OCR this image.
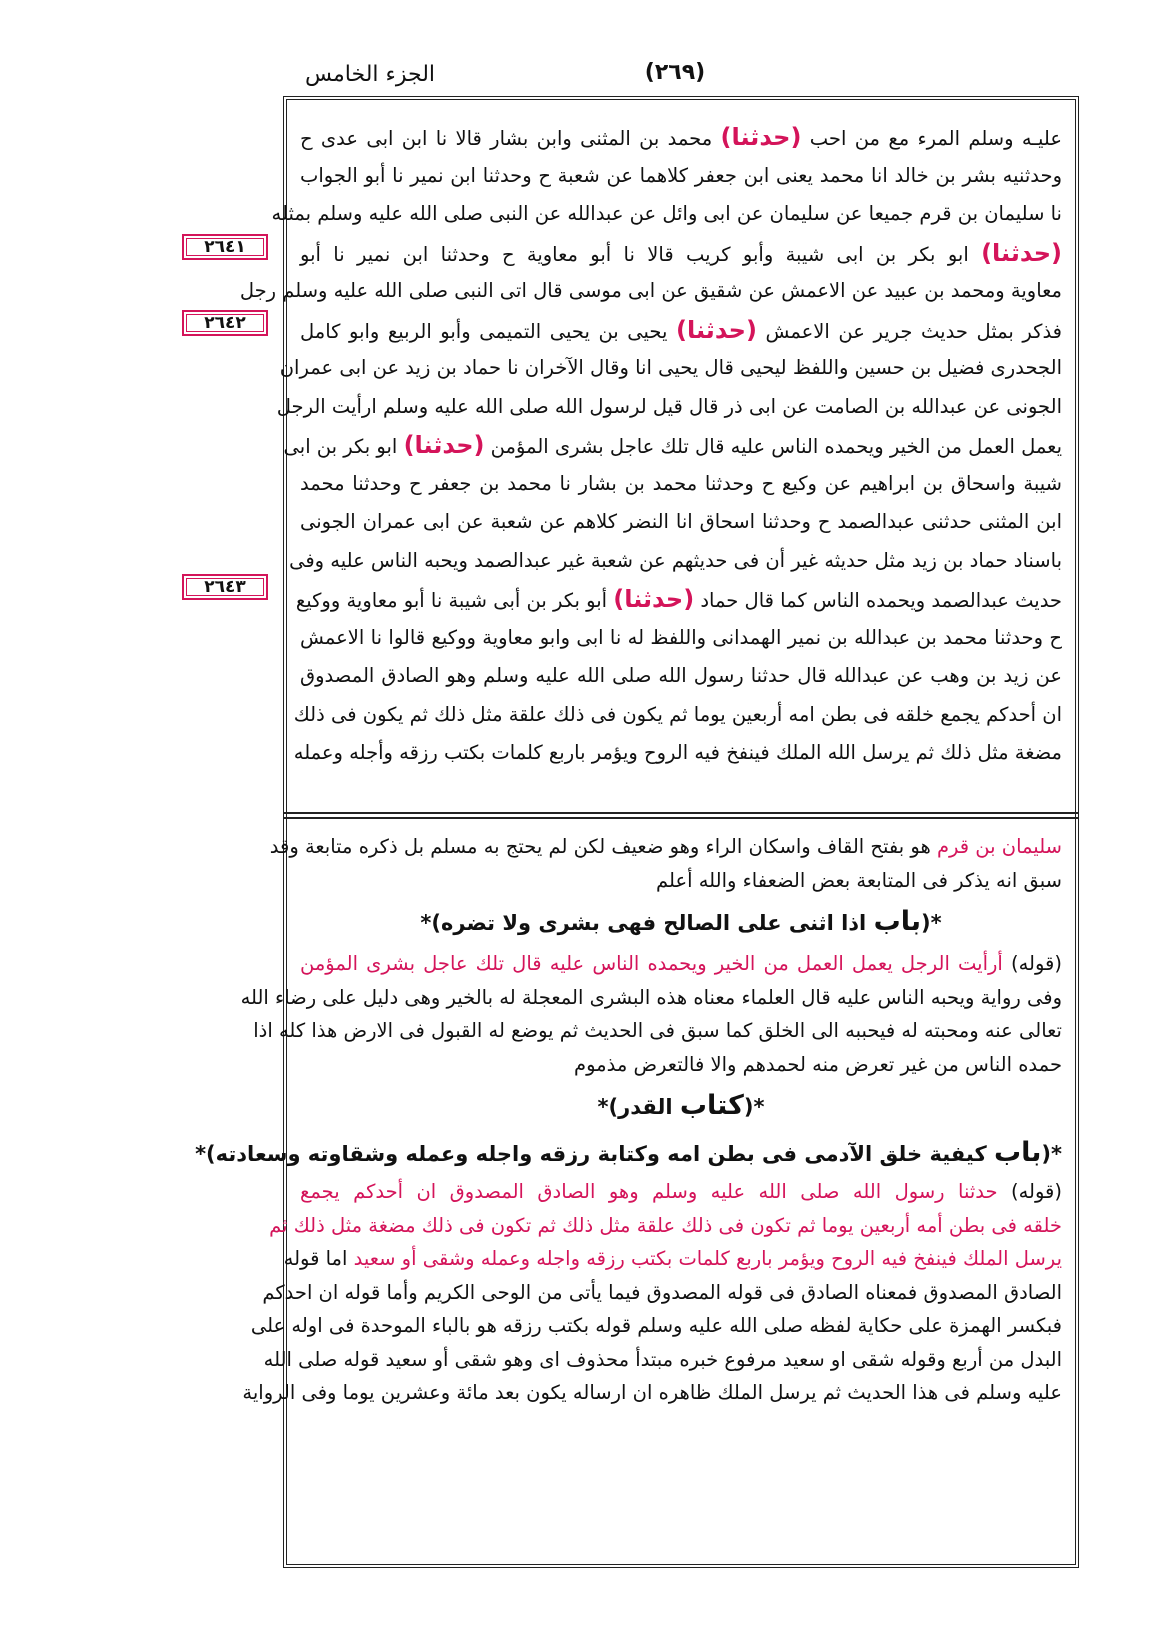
الجزء الخامس	(٢٦٩)
٢٦٤١
٢٦٤٢
٢٦٤٣
عليـه وسلم المرء مع من احب (حدثنا) محمد بن المثنى وابن بشار قالا نا ابن ابى عدى ح
وحدثنيه بشر بن خالد انا محمد يعنى ابن جعفر كلاهما عن شعبة ح وحدثنا ابن نمير نا أبو الجواب
نا سليمان بن قرم جميعا عن سليمان عن ابى وائل عن عبدالله عن النبى صلى الله عليه وسلم بمثله
(حدثنا) ابو بكر بن ابى شيبة وأبو كريب قالا نا أبو معاوية ح وحدثنا ابن نمير نا أبو
معاوية ومحمد بن عبيد عن الاعمش عن شقيق عن ابى موسى قال اتى النبى صلى الله عليه وسلم رجل
فذكر بمثل حديث جرير عن الاعمش (حدثنا) يحيى بن يحيى التميمى وأبو الربيع وابو كامل
الجحدرى فضيل بن حسين واللفظ ليحيى قال يحيى انا وقال الآخران نا حماد بن زيد عن ابى عمران
الجونى عن عبدالله بن الصامت عن ابى ذر قال قيل لرسول الله صلى الله عليه وسلم ارأيت الرجل
يعمل العمل من الخير ويحمده الناس عليه قال تلك عاجل بشرى المؤمن (حدثنا) ابو بكر بن ابى
شيبة واسحاق بن ابراهيم عن وكيع ح وحدثنا محمد بن بشار نا محمد بن جعفر ح وحدثنا محمد
ابن المثنى حدثنى عبدالصمد ح وحدثنا اسحاق انا النضر كلاهم عن شعبة عن ابى عمران الجونى
باسناد حماد بن زيد مثل حديثه غير أن فى حديثهم عن شعبة غير عبدالصمد ويحبه الناس عليه وفى
حديث عبدالصمد ويحمده الناس كما قال حماد (حدثنا) أبو بكر بن أبى شيبة نا أبو معاوية ووكيع
ح وحدثنا محمد بن عبدالله بن نمير الهمدانى واللفظ له نا ابى وابو معاوية ووكيع قالوا نا الاعمش
عن زيد بن وهب عن عبدالله قال حدثنا رسول الله صلى الله عليه وسلم وهو الصادق المصدوق
ان أحدكم يجمع خلقه فى بطن امه أربعين يوما ثم يكون فى ذلك علقة مثل ذلك ثم يكون فى ذلك
مضغة مثل ذلك ثم يرسل الله الملك فينفخ فيه الروح ويؤمر باربع كلمات بكتب رزقه وأجله وعمله
سليمان بن قرم هو بفتح القاف واسكان الراء وهو ضعيف لكن لم يحتج به مسلم بل ذكره متابعة وقد
سبق انه يذكر فى المتابعة بعض الضعفاء والله أعلم
*(باب اذا اثنى على الصالح فهى بشرى ولا تضره)*
(قوله) أرأيت الرجل يعمل العمل من الخير ويحمده الناس عليه قال تلك عاجل بشرى المؤمن
وفى رواية ويحبه الناس عليه قال العلماء معناه هذه البشرى المعجلة له بالخير وهى دليل على رضاء الله
تعالى عنه ومحبته له فيحببه الى الخلق كما سبق فى الحديث ثم يوضع له القبول فى الارض هذا كله اذا
حمده الناس من غير تعرض منه لحمدهم والا فالتعرض مذموم
*(كتاب القدر)*
*(باب كيفية خلق الآدمى فى بطن امه وكتابة رزقه واجله وعمله وشقاوته وسعادته)*
(قوله) حدثنا رسول الله صلى الله عليه وسلم وهو الصادق المصدوق ان أحدكم يجمع
خلقه فى بطن أمه أربعين يوما ثم تكون فى ذلك علقة مثل ذلك ثم تكون فى ذلك مضغة مثل ذلك ثم
يرسل الملك فينفخ فيه الروح ويؤمر باربع كلمات بكتب رزقه واجله وعمله وشقى أو سعيد اما قوله
الصادق المصدوق فمعناه الصادق فى قوله المصدوق فيما يأتى من الوحى الكريم وأما قوله ان احدكم
فبكسر الهمزة على حكاية لفظه صلى الله عليه وسلم قوله بكتب رزقه هو بالباء الموحدة فى اوله على
البدل من أربع وقوله شقى او سعيد مرفوع خبره مبتدأ محذوف اى وهو شقى أو سعيد قوله صلى الله
عليه وسلم فى هذا الحديث ثم يرسل الملك ظاهره ان ارساله يكون بعد مائة وعشرين يوما وفى الرواية
